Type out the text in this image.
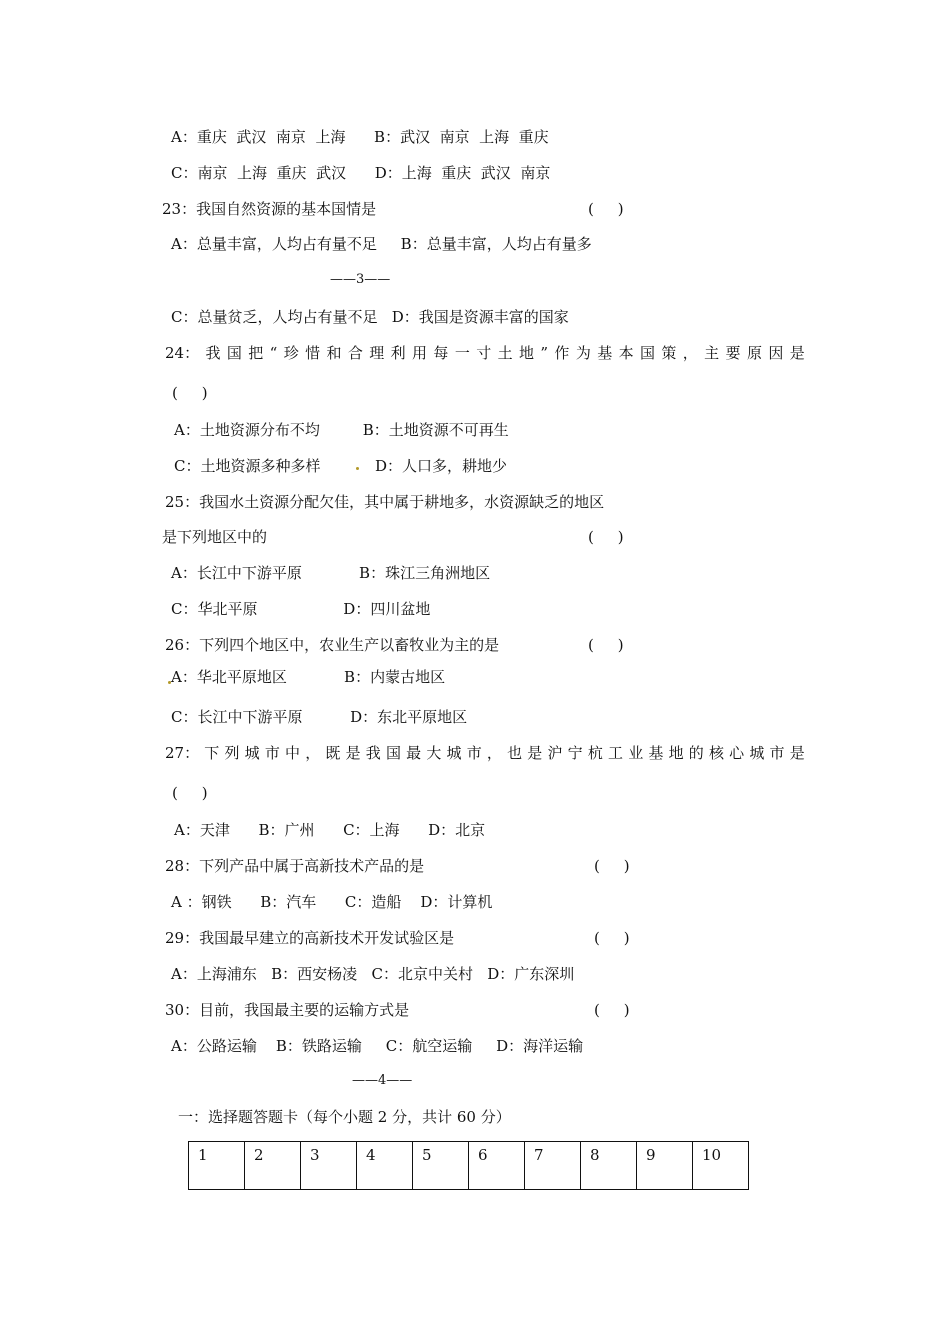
A：重庆  武汉  南京  上海      B：武汉  南京  上海  重庆
C：南京  上海  重庆  武汉      D：上海  重庆  武汉  南京
23：我国自然资源的基本国情是	(     )
A：总量丰富，人均占有量不足     B：总量丰富，人均占有量多
——3——
C：总量贫乏，人均占有量不足   D：我国是资源丰富的国家
24： 我 国 把 “ 珍 惜 和 合 理 利 用 每 一 寸 土 地 ” 作 为 基 本 国 策 ， 主 要 原 因 是
(     )
A：土地资源分布不均         B：土地资源不可再生
C：土地资源多种多样	D：人口多，耕地少
25：我国水土资源分配欠佳，其中属于耕地多，水资源缺乏的地区
是下列地区中的	(     )
A：长江中下游平原            B：珠江三角洲地区
C：华北平原                  D：四川盆地
26：下列四个地区中，农业生产以畜牧业为主的是	(     )
A：华北平原地区            B：内蒙古地区
C：长江中下游平原          D：东北平原地区
27： 下 列 城 市 中 ， 既 是 我 国 最 大 城 市 ， 也 是 沪 宁 杭 工 业 基 地 的 核 心 城 市 是
(     )
A：天津      B：广州      C：上海      D：北京
28：下列产品中属于高新技术产品的是	(     )
A ：钢铁      B：汽车      C：造船    D：计算机
29：我国最早建立的高新技术开发试验区是	(     )
A：上海浦东   B：西安杨凌   C：北京中关村   D：广东深圳
30：目前，我国最主要的运输方式是	(     )
A：公路运输    B：铁路运输     C：航空运输     D：海洋运输
——4——
一：选择题答题卡（每个小题 2 分，共计 60 分）
1	2	3	4	5	6	7	8	9	10
